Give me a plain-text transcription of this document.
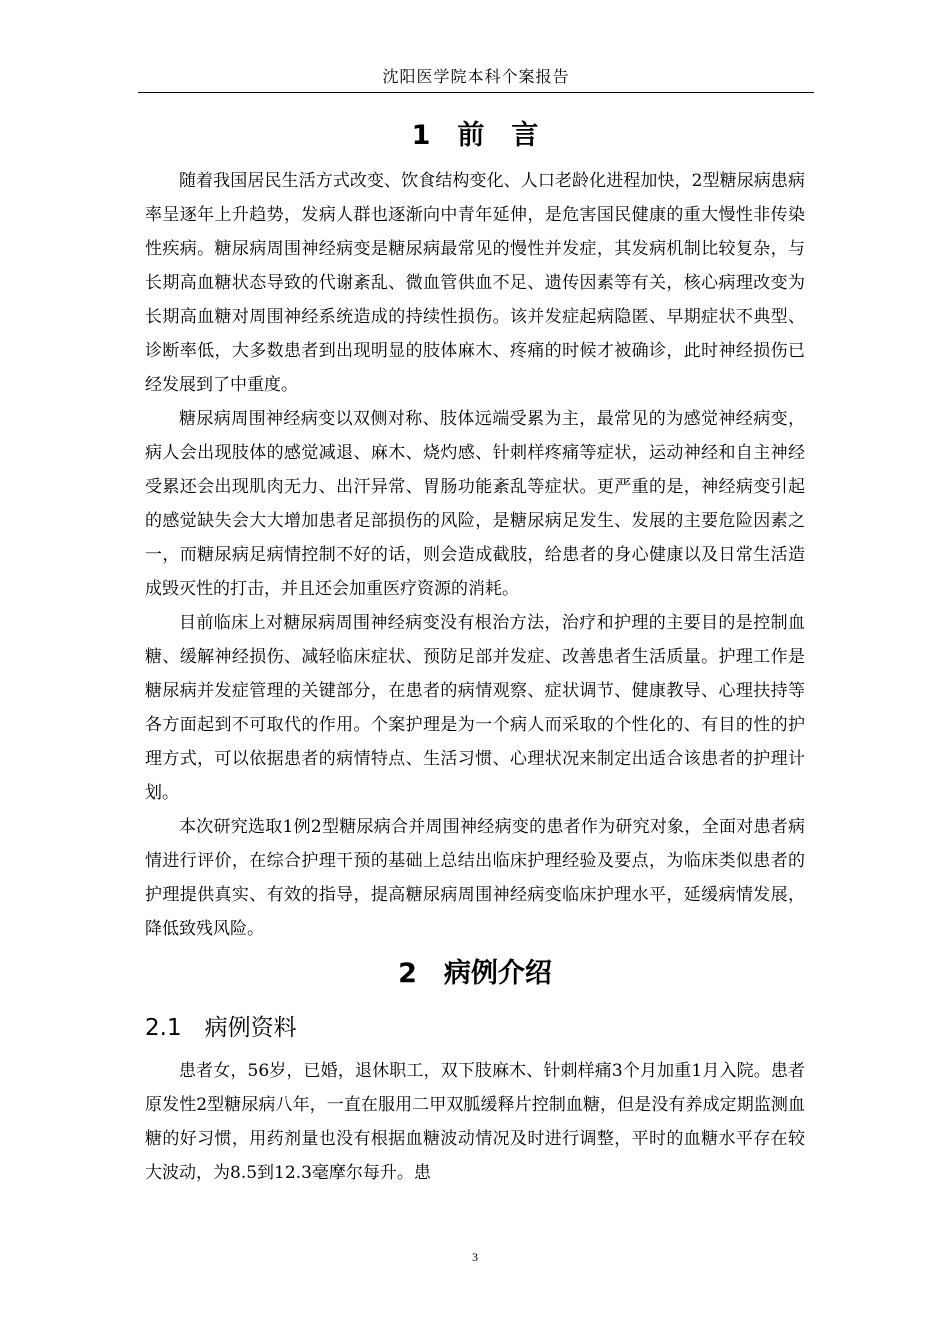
沈阳医学院本科个案报告
1　前　言

随着我国居民生活方式改变、饮食结构变化、人口老龄化进程加快，2型糖尿病患病率呈逐年上升趋势，发病人群也逐渐向中青年延伸，是危害国民健康的重大慢性非传染性疾病。糖尿病周围神经病变是糖尿病最常见的慢性并发症，其发病机制比较复杂，与长期高血糖状态导致的代谢紊乱、微血管供血不足、遗传因素等有关，核心病理改变为长期高血糖对周围神经系统造成的持续性损伤。该并发症起病隐匿、早期症状不典型、诊断率低，大多数患者到出现明显的肢体麻木、疼痛的时候才被确诊，此时神经损伤已经发展到了中重度。

糖尿病周围神经病变以双侧对称、肢体远端受累为主，最常见的为感觉神经病变，病人会出现肢体的感觉减退、麻木、烧灼感、针刺样疼痛等症状，运动神经和自主神经受累还会出现肌肉无力、出汗异常、胃肠功能紊乱等症状。更严重的是，神经病变引起的感觉缺失会大大增加患者足部损伤的风险，是糖尿病足发生、发展的主要危险因素之一，而糖尿病足病情控制不好的话，则会造成截肢，给患者的身心健康以及日常生活造成毁灭性的打击，并且还会加重医疗资源的消耗。

目前临床上对糖尿病周围神经病变没有根治方法，治疗和护理的主要目的是控制血糖、缓解神经损伤、减轻临床症状、预防足部并发症、改善患者生活质量。护理工作是糖尿病并发症管理的关键部分，在患者的病情观察、症状调节、健康教导、心理扶持等各方面起到不可取代的作用。个案护理是为一个病人而采取的个性化的、有目的性的护理方式，可以依据患者的病情特点、生活习惯、心理状况来制定出适合该患者的护理计划。

本次研究选取1例2型糖尿病合并周围神经病变的患者作为研究对象，全面对患者病情进行评价，在综合护理干预的基础上总结出临床护理经验及要点，为临床类似患者的护理提供真实、有效的指导，提高糖尿病周围神经病变临床护理水平，延缓病情发展，降低致残风险。

2　病例介绍
2.1　病例资料

患者女，56岁，已婚，退休职工，双下肢麻木、针刺样痛3个月加重1月入院。患者原发性2型糖尿病八年，一直在服用二甲双胍缓释片控制血糖，但是没有养成定期监测血糖的好习惯，用药剂量也没有根据血糖波动情况及时进行调整，平时的血糖水平存在较大波动，为8.5到12.3毫摩尔每升。患

3
